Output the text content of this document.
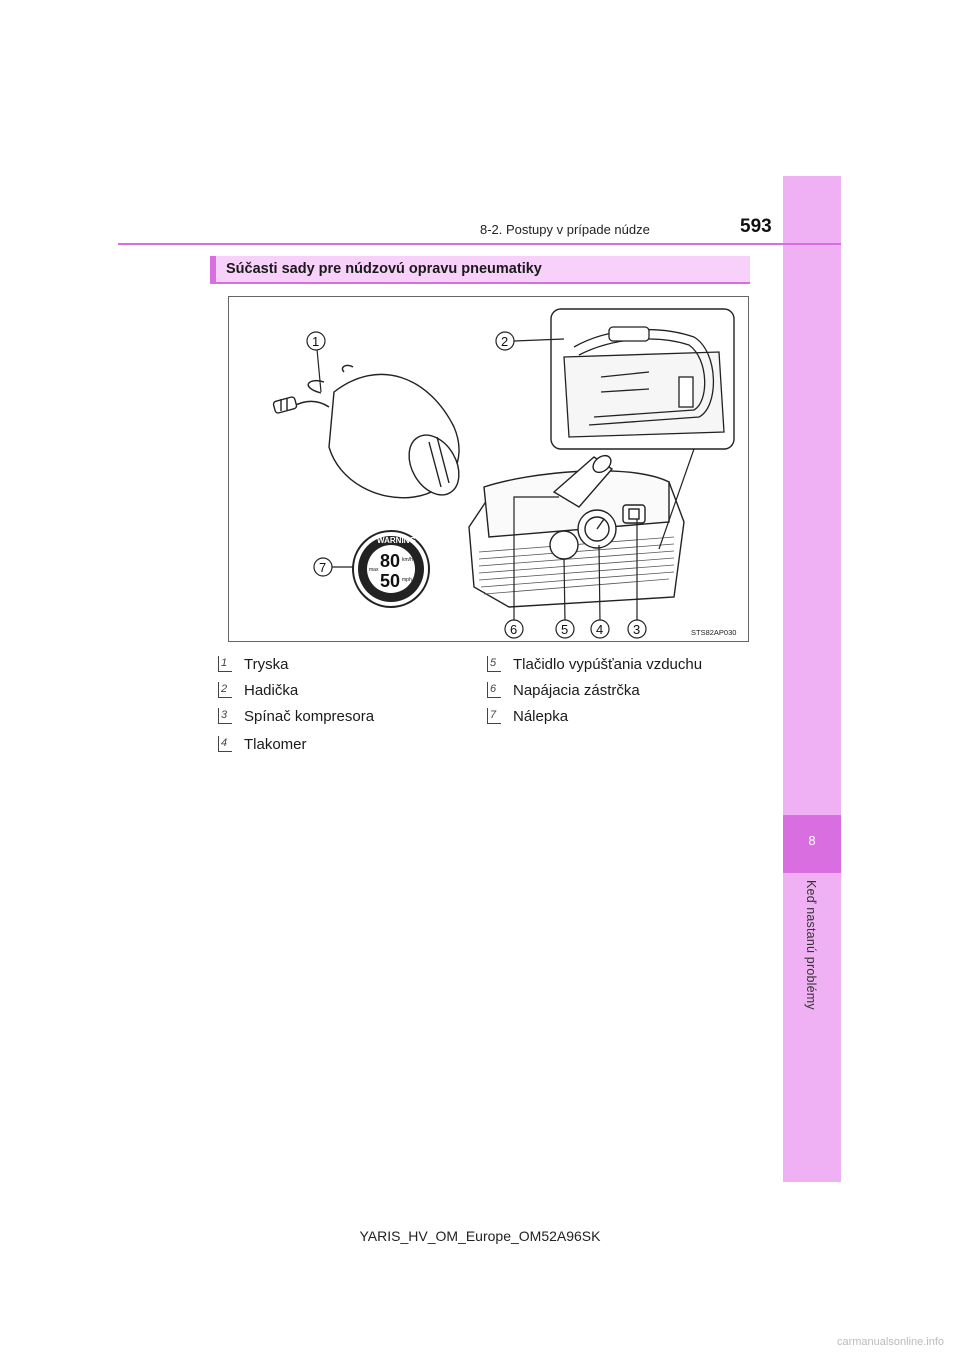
8
Keď nastanú problémy
8-2. Postupy v prípade núdze	593
Súčasti sady pre núdzovú opravu pneumatiky
WARNING
80
50
km/h
mph
max
1	2
7
6	5 4 3	STS82AP030
1	Tryska
2	Hadička
3	Spínač kompresora
4	Tlakomer
5	Tlačidlo vypúšťania vzduchu
6	Napájacia zástrčka
7	Nálepka
YARIS_HV_OM_Europe_OM52A96SK
carmanualsonline.info
